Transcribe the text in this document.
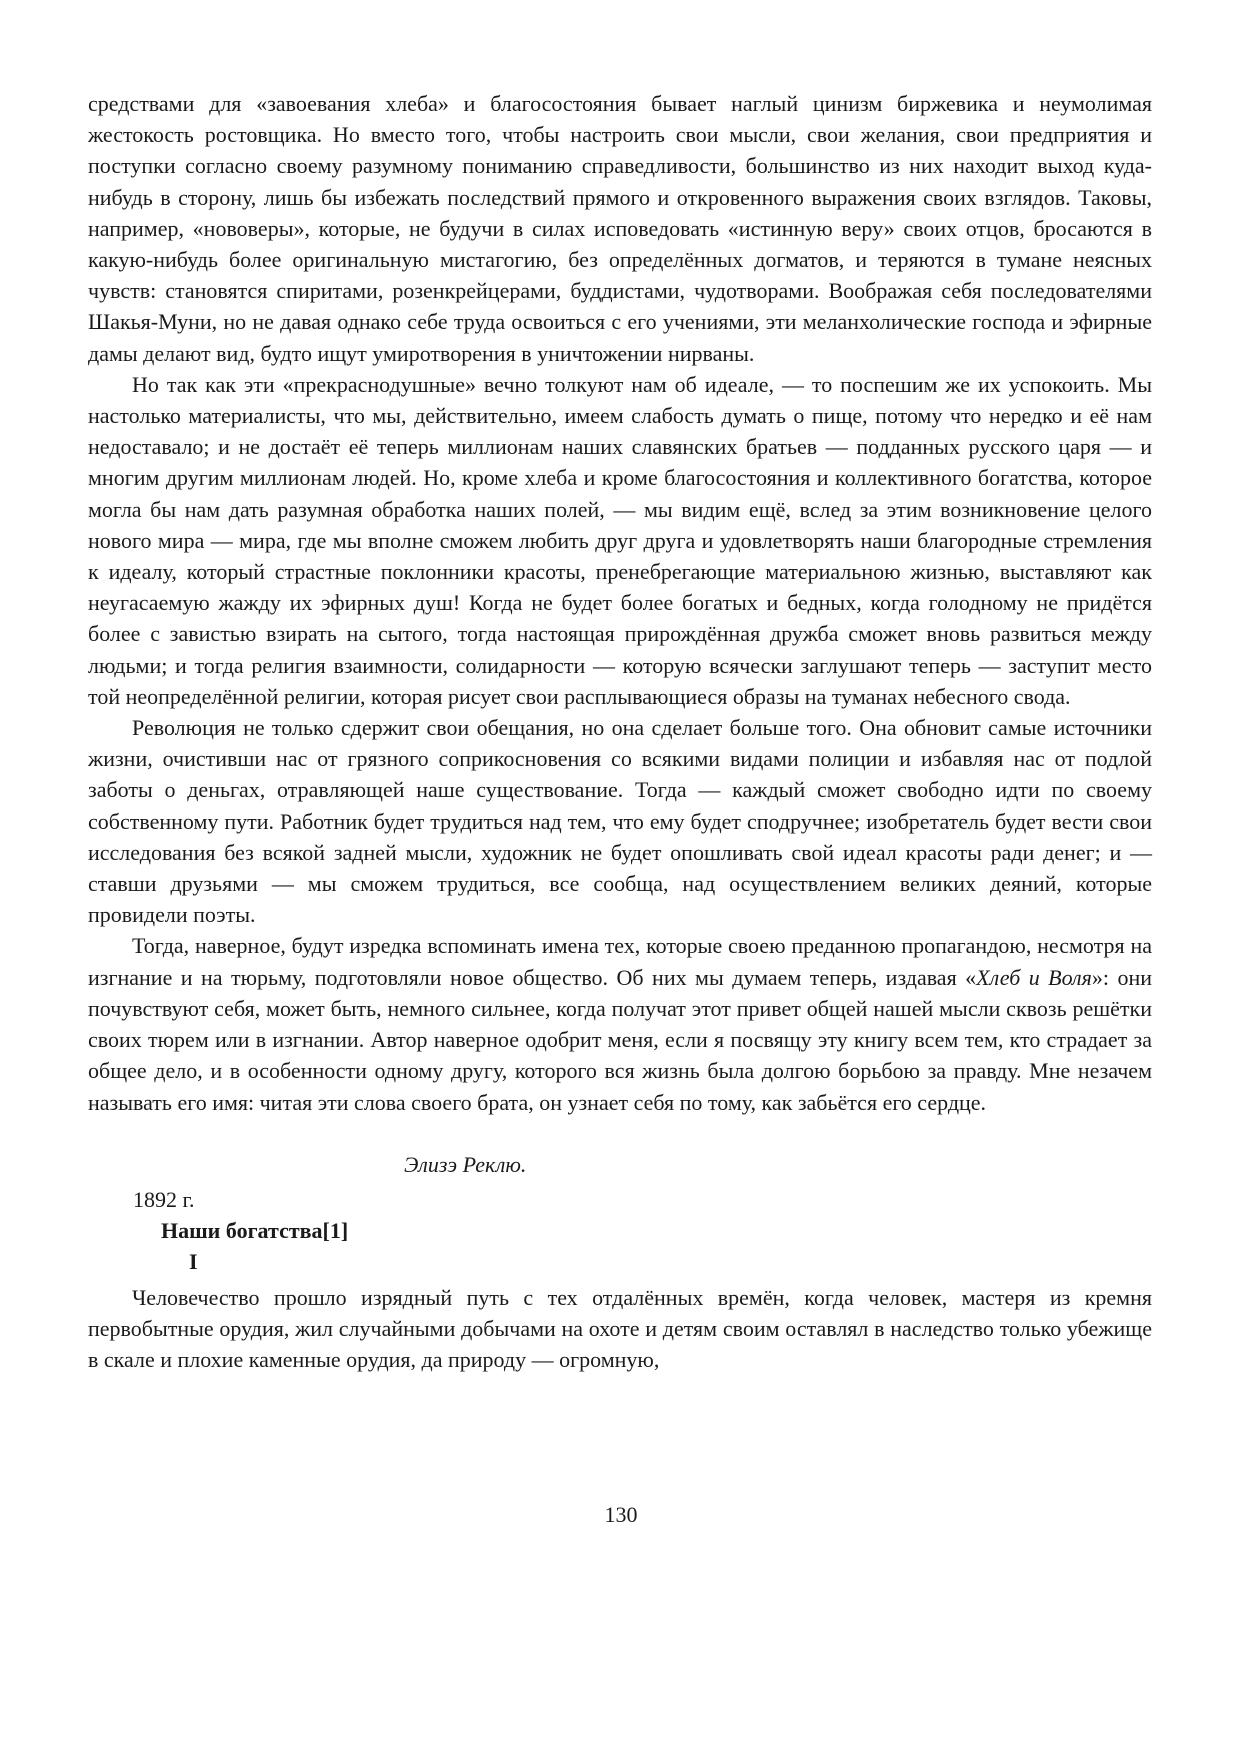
средствами для «завоевания хлеба» и благосостояния бывает наглый цинизм биржевика и неумолимая жестокость ростовщика. Но вместо того, чтобы настроить свои мысли, свои желания, свои предприятия и поступки согласно своему разумному пониманию справедливости, большинство из них находит выход куда-нибудь в сторону, лишь бы избежать последствий прямого и откровенного выражения своих взглядов. Таковы, например, «нововеры», которые, не будучи в силах исповедовать «истинную веру» своих отцов, бросаются в какую-нибудь более оригинальную мистагогию, без определённых догматов, и теряются в тумане неясных чувств: становятся спиритами, розенкрейцерами, буддистами, чудотворами. Воображая себя последователями Шакья-Муни, но не давая однако себе труда освоиться с его учениями, эти меланхолические господа и эфирные дамы делают вид, будто ищут умиротворения в уничтожении нирваны.

Но так как эти «прекраснодушные» вечно толкуют нам об идеале, — то поспешим же их успокоить. Мы настолько материалисты, что мы, действительно, имеем слабость думать о пище, потому что нередко и её нам недоставало; и не достаёт её теперь миллионам наших славянских братьев — подданных русского царя — и многим другим миллионам людей. Но, кроме хлеба и кроме благосостояния и коллективного богатства, которое могла бы нам дать разумная обработка наших полей, — мы видим ещё, вслед за этим возникновение целого нового мира — мира, где мы вполне сможем любить друг друга и удовлетворять наши благородные стремления к идеалу, который страстные поклонники красоты, пренебрегающие материальною жизнью, выставляют как неугасаемую жажду их эфирных душ! Когда не будет более богатых и бедных, когда голодному не придётся более с завистью взирать на сытого, тогда настоящая прирождённая дружба сможет вновь развиться между людьми; и тогда религия взаимности, солидарности — которую всячески заглушают теперь — заступит место той неопределённой религии, которая рисует свои расплывающиеся образы на туманах небесного свода.

Революция не только сдержит свои обещания, но она сделает больше того. Она обновит самые источники жизни, очистивши нас от грязного соприкосновения со всякими видами полиции и избавляя нас от подлой заботы о деньгах, отравляющей наше существование. Тогда — каждый сможет свободно идти по своему собственному пути. Работник будет трудиться над тем, что ему будет сподручнее; изобретатель будет вести свои исследования без всякой задней мысли, художник не будет опошливать свой идеал красоты ради денег; и — ставши друзьями — мы сможем трудиться, все сообща, над осуществлением великих деяний, которые провидели поэты.

Тогда, наверное, будут изредка вспоминать имена тех, которые своею преданною пропагандою, несмотря на изгнание и на тюрьму, подготовляли новое общество. Об них мы думаем теперь, издавая «Хлеб и Воля»: они почувствуют себя, может быть, немного сильнее, когда получат этот привет общей нашей мысли сквозь решётки своих тюрем или в изгнании. Автор наверное одобрит меня, если я посвящу эту книгу всем тем, кто страдает за общее дело, и в особенности одному другу, которого вся жизнь была долгою борьбою за правду. Мне незачем называть его имя: читая эти слова своего брата, он узнает себя по тому, как забьётся его сердце.

Элизэ Реклю.

1892 г.

Наши богатства[1]

I

Человечество прошло изрядный путь с тех отдалённых времён, когда человек, мастеря из кремня первобытные орудия, жил случайными добычами на охоте и детям своим оставлял в наследство только убежище в скале и плохие каменные орудия, да природу — огромную,

130
